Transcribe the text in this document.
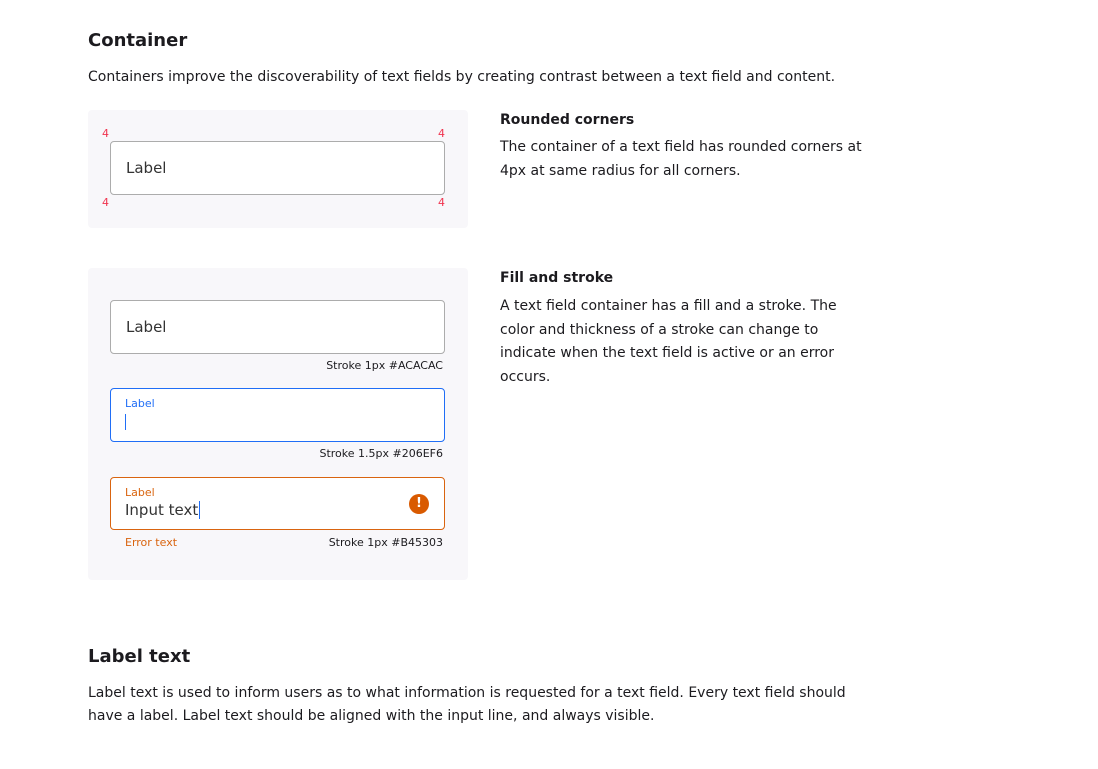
Container
Containers improve the discoverability of text fields by creating contrast between a text field and content.
4	4
4	4
Label
Rounded corners
The container of a text field has rounded corners at 4px at same radius for all corners.
Label
Stroke 1px #ACACAC
Label
Stroke 1.5px #206EF6
Label
Input text	!
Error text	Stroke 1px #B45303
Fill and stroke
A text field container has a fill and a stroke. The color and thickness of a stroke can change to indicate when the text field is active or an error occurs.
Label text
Label text is used to inform users as to what information is requested for a text field. Every text field should have a label. Label text should be aligned with the input line, and always visible.
